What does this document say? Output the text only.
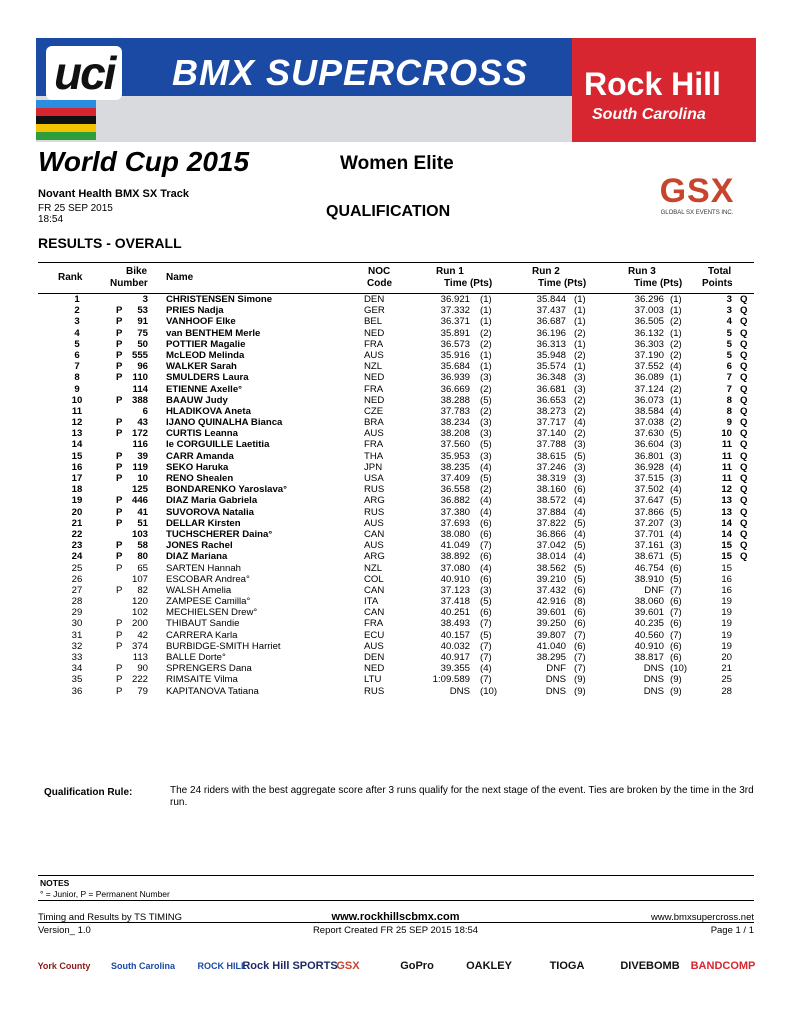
uci BMX SUPERCROSS Rock Hill
South Carolina
World Cup 2015	Women Elite
Novant Health BMX SX Track
FR 25 SEP 2015
18:54	QUALIFICATION
GSX
GLOBAL SX EVENTS INC.
RESULTS - OVERALL
Rank
Bike
Number
Name
NOC
Code
Run 1
Time (Pts)
Run 2
Time (Pts)
Run 3
Time (Pts)
Total
Points
1	3 CHRISTENSEN Simone	DEN	36.921 (1)	35.844 (1)	36.296 (1)	3 Q
2	P	53 PRIES Nadja	GER	37.332 (1)	37.437 (1)	37.003 (1)	3 Q
3	P	91 VANHOOF Elke	BEL	36.371 (1)	36.687 (1)	36.505 (2)	4 Q
4	P	75 van BENTHEM Merle	NED	35.891 (2)	36.196 (2)	36.132 (1)	5 Q
5	P	50 POTTIER Magalie	FRA	36.573 (2)	36.313 (1)	36.303 (2)	5 Q
6	P 555 McLEOD Melinda	AUS	35.916 (1)	35.948 (2)	37.190 (2)	5 Q
7	P	96 WALKER Sarah	NZL	35.684 (1)	35.574 (1)	37.552 (4)	6 Q
8	P	110 SMULDERS Laura	NED	36.939 (3)	36.348 (3)	36.089 (1)	7 Q
9	114 ETIENNE Axelle°	FRA	36.669 (2)	36.681 (3)	37.124 (2)	7 Q
10	P 388 BAAUW Judy	NED	38.288 (5)	36.653 (2)	36.073 (1)	8 Q
11	6 HLADIKOVA Aneta	CZE	37.783 (2)	38.273 (2)	38.584 (4)	8 Q
12	P	43 IJANO QUINALHA Bianca	BRA	38.234 (3)	37.717 (4)	37.038 (2)	9 Q
13	P 172 CURTIS Leanna	AUS	38.208 (3)	37.140 (2)	37.630 (5)	10 Q
14	116 le CORGUILLE Laetitia	FRA	37.560 (5)	37.788 (3)	36.604 (3)	11 Q
15	P	39 CARR Amanda	THA	35.953 (3)	38.615 (5)	36.801 (3)	11 Q
16	P	119 SEKO Haruka	JPN	38.235 (4)	37.246 (3)	36.928 (4)	11 Q
17	P	10 RENO Shealen	USA	37.409 (5)	38.319 (3)	37.515 (3)	11 Q
18	125 BONDARENKO Yaroslava°	RUS	36.558 (2)	38.160 (6)	37.502 (4)	12 Q
19	P 446 DIAZ Maria Gabriela	ARG	36.882 (4)	38.572 (4)	37.647 (5)	13 Q
20	P	41 SUVOROVA Natalia	RUS	37.380 (4)	37.884 (4)	37.866 (5)	13 Q
21	P	51 DELLAR Kirsten	AUS	37.693 (6)	37.822 (5)	37.207 (3)	14 Q
22	103 TUCHSCHERER Daina°	CAN	38.080 (6)	36.866 (4)	37.701 (4)	14 Q
23	P	58 JONES Rachel	AUS	41.049 (7)	37.042 (5)	37.161 (3)	15 Q
24	P	80 DIAZ Mariana	ARG	38.892 (6)	38.014 (4)	38.671 (5)	15 Q
25	P	65 SARTEN Hannah	NZL	37.080 (4)	38.562 (5)	46.754 (6)	15
26	107 ESCOBAR Andrea°	COL	40.910 (6)	39.210 (5)	38.910 (5)	16
27	P	82 WALSH Amelia	CAN	37.123 (3)	37.432 (6)	DNF (7)	16
28	120 ZAMPESE Camilla°	ITA	37.418 (5)	42.916 (8)	38.060 (6)	19
29	102 MECHIELSEN Drew°	CAN	40.251 (6)	39.601 (6)	39.601 (7)	19
30	P 200 THIBAUT Sandie	FRA	38.493 (7)	39.250 (6)	40.235 (6)	19
31	P	42 CARRERA Karla	ECU	40.157 (5)	39.807 (7)	40.560 (7)	19
32	P 374 BURBIDGE-SMITH Harriet	AUS	40.032 (7)	41.040 (6)	40.910 (6)	19
33	113 BALLE Dorte°	DEN	40.917 (7)	38.295 (7)	38.817 (6)	20
34	P	90 SPRENGERS Dana	NED	39.355 (4)	DNF (7)	DNS (10)	21
35	P 222 RIMSAITE Vilma	LTU	1:09.589 (7)	DNS (9)	DNS (9)	25
36	P	79 KAPITANOVA Tatiana	RUS	DNS (10)	DNS (9)	DNS (9)	28
Qualification Rule:	The 24 riders with the best aggregate score after 3 runs qualify for the next stage of the event. Ties are broken by the time in the 3rd run.
NOTES
° = Junior, P = Permanent Number
Timing and Results by TS TIMING
Version_ 1.0
www.rockhillscbmx.com
Report Created FR 25 SEP 2015 18:54
www.bmxsupercross.net
Page 1 / 1
York County	South Carolina	ROCK HILL
Rock Hill SPORTS
GSX	GoPro	OAKLEY	TIOGA	DIVEBOMB BANDCOMP
